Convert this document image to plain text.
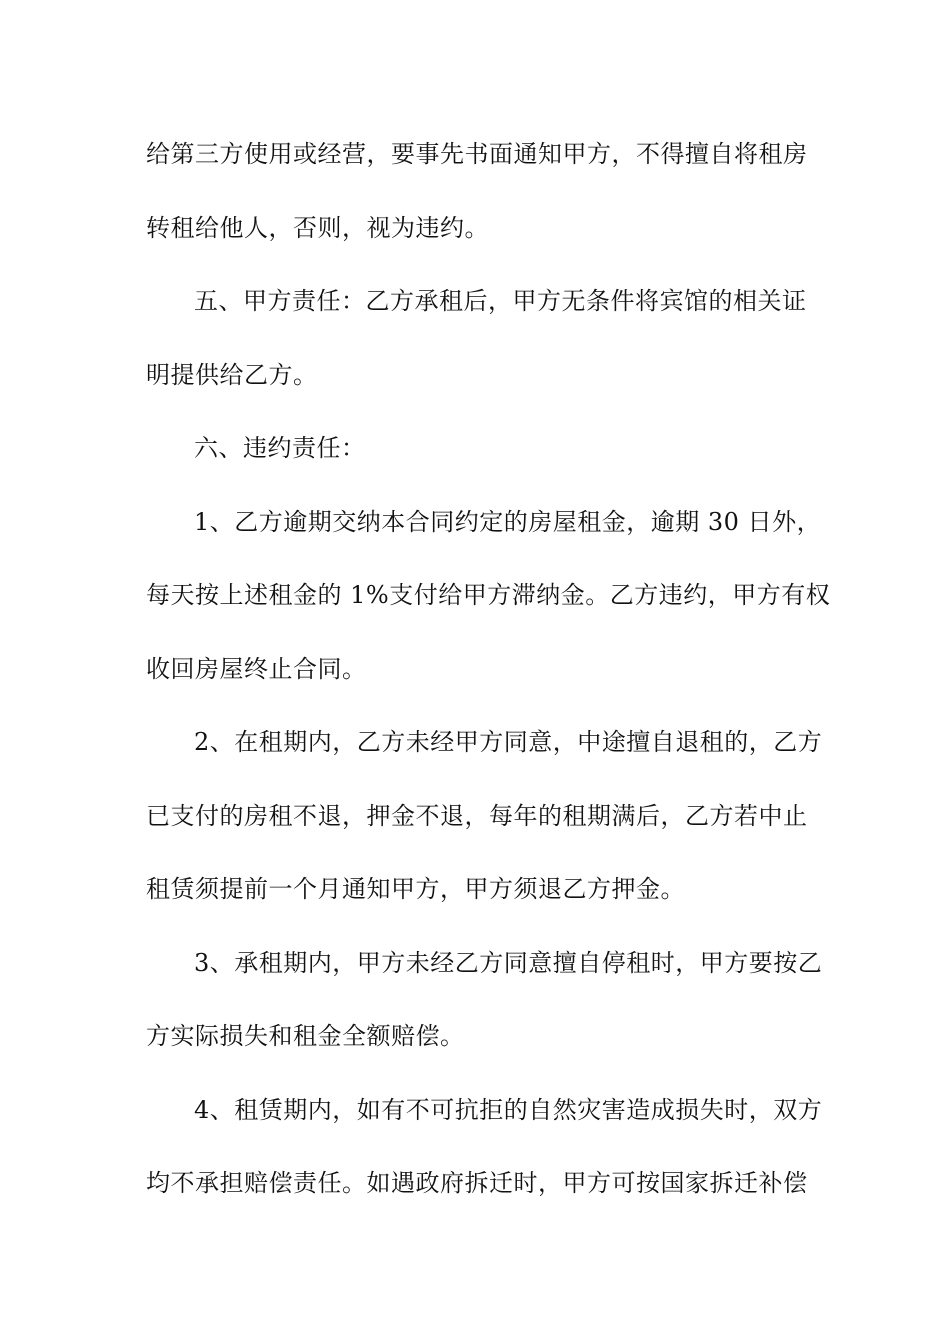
给第三方使用或经营，要事先书面通知甲方，不得擅自将租房
转租给他人，否则，视为违约。
五、甲方责任：乙方承租后，甲方无条件将宾馆的相关证
明提供给乙方。
六、违约责任：
1、乙方逾期交纳本合同约定的房屋租金，逾期 30 日外，
每天按上述租金的 1%支付给甲方滞纳金。乙方违约，甲方有权
收回房屋终止合同。
2、在租期内，乙方未经甲方同意，中途擅自退租的，乙方
已支付的房租不退，押金不退，每年的租期满后，乙方若中止
租赁须提前一个月通知甲方，甲方须退乙方押金。
3、承租期内，甲方未经乙方同意擅自停租时，甲方要按乙
方实际损失和租金全额赔偿。
4、租赁期内，如有不可抗拒的自然灾害造成损失时，双方
均不承担赔偿责任。如遇政府拆迁时，甲方可按国家拆迁补偿
